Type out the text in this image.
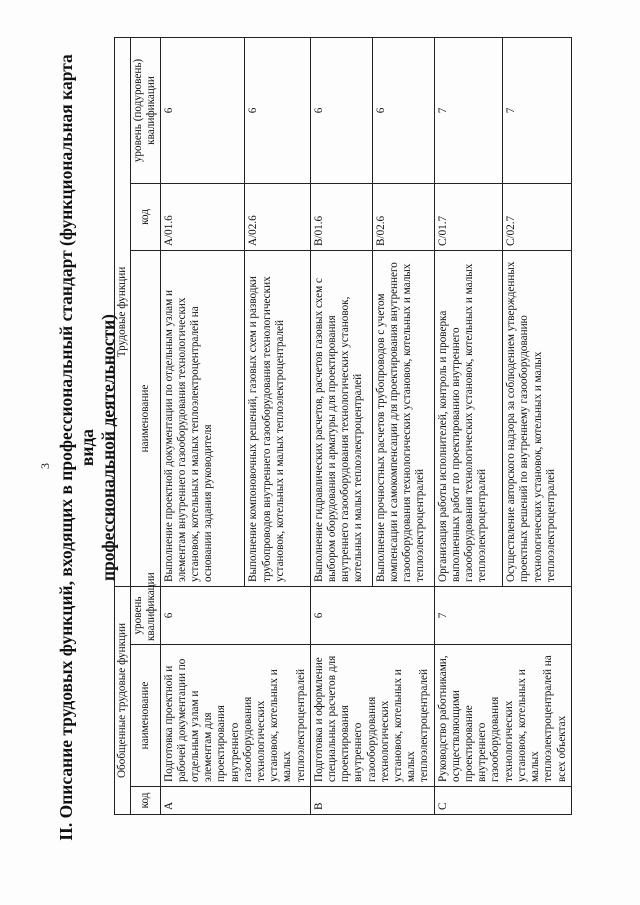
3 II. Описание трудовых функций, входящих в профессиональный стандарт (функциональная карта вида профессиональной деятельности)
Обобщенные трудовые функции			Трудовые функции		
код	наименование	уровень квалификации	наименование	код	уровень (подуровень) квалификации
A	Подготовка проектной и рабочей документации по отдельным узлам и элементам для проектирования внутреннего газооборудования технологических установок, котельных и малых теплоэлектроцентралей	6	Выполнение проектной документации по отдельным узлам и элементам внутреннего газооборудования технологических установок, котельных и малых теплоэлектроцентралей на основании задания руководителя	A/01.6	6
			Выполнение компоновочных решений, газовых схем и разводки трубопроводов внутреннего газооборудования технологических установок, котельных и малых теплоэлектроцентралей	A/02.6	6
B	Подготовка и оформление специальных расчетов для проектирования внутреннего газооборудования технологических установок, котельных и малых теплоэлектроцентралей	6	Выполнение гидравлических расчетов, расчетов газовых схем с выбором оборудования и арматуры для проектирования внутреннего газооборудования технологических установок, котельных и малых теплоэлектроцентралей	B/01.6	6
			Выполнение прочностных расчетов трубопроводов с учетом компенсации и самокомпенсации для проектирования внутреннего газооборудования технологических установок, котельных и малых теплоэлектроцентралей	B/02.6	6
C	Руководство работниками, осуществляющими проектирование внутреннего газооборудования технологических установок, котельных и малых теплоэлектроцентралей на всех объектах	7	Организация работы исполнителей, контроль и проверка выполненных работ по проектированию внутреннего газооборудования технологических установок, котельных и малых теплоэлектроцентралей	C/01.7	7
			Осуществление авторского надзора за соблюдением утвержденных проектных решений по внутреннему газооборудованию технологических установок, котельных и малых теплоэлектроцентралей	C/02.7	7
